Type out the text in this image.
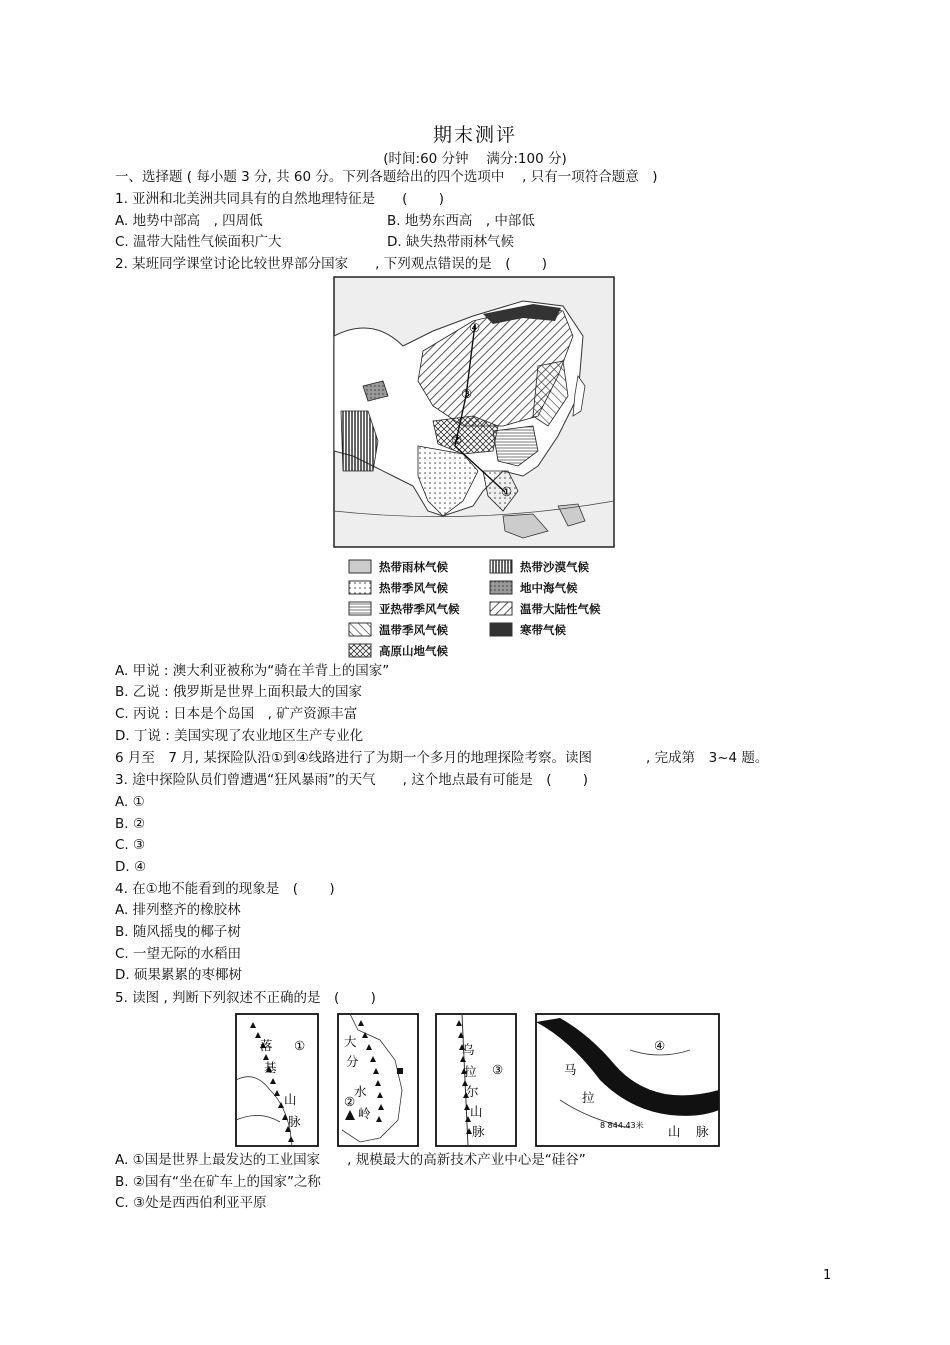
期末测评
(时间:60 分钟　 满分:100 分)
一、选择题 ( 每小题 3 分, 共 60 分。下列各题给出的四个选项中　 , 只有一项符合题意　)
1. 亚洲和北美洲共同具有的自然地理特征是　　(　　 )
A. 地势中部高　, 四周低	B. 地势东西高　, 中部低
C. 温带大陆性气候面积广大	D. 缺失热带雨林气候
2. 某班同学课堂讨论比较世界部分国家　　, 下列观点错误的是　(　　 )
①
②
③
④
热带雨林气候	热带沙漠气候
热带季风气候	地中海气候
亚热带季风气候	温带大陆性气候
温带季风气候	寒带气候
高原山地气候
A. 甲说 : 澳大利亚被称为“骑在羊背上的国家”
B. 乙说 : 俄罗斯是世界上面积最大的国家
C. 丙说 : 日本是个岛国　, 矿产资源丰富
D. 丁说 : 美国实现了农业地区生产专业化
6 月至　7 月, 某探险队沿①到④线路进行了为期一个多月的地理探险考察。读图　　　　, 完成第　3~4 题。
3. 途中探险队员们曾遭遇“狂风暴雨”的天气　　, 这个地点最有可能是　(　　 )
A. ①
B. ②
C. ③
D. ④
4. 在①地不能看到的现象是　(　　 )
A. 排列整齐的橡胶林
B. 随风摇曳的椰子树
C. 一望无际的水稻田
D. 硕果累累的枣椰树
5. 读图 , 判断下列叙述不正确的是　(　　 )
①
落
基
山
脉
②
大
分
水
岭
③
乌
拉
尔
山
脉
④
马
拉
山 脉
8 844.43米
A. ①国是世界上最发达的工业国家　　, 规模最大的高新技术产业中心是“硅谷”
B. ②国有“坐在矿车上的国家”之称
C. ③处是西西伯利亚平原
1
